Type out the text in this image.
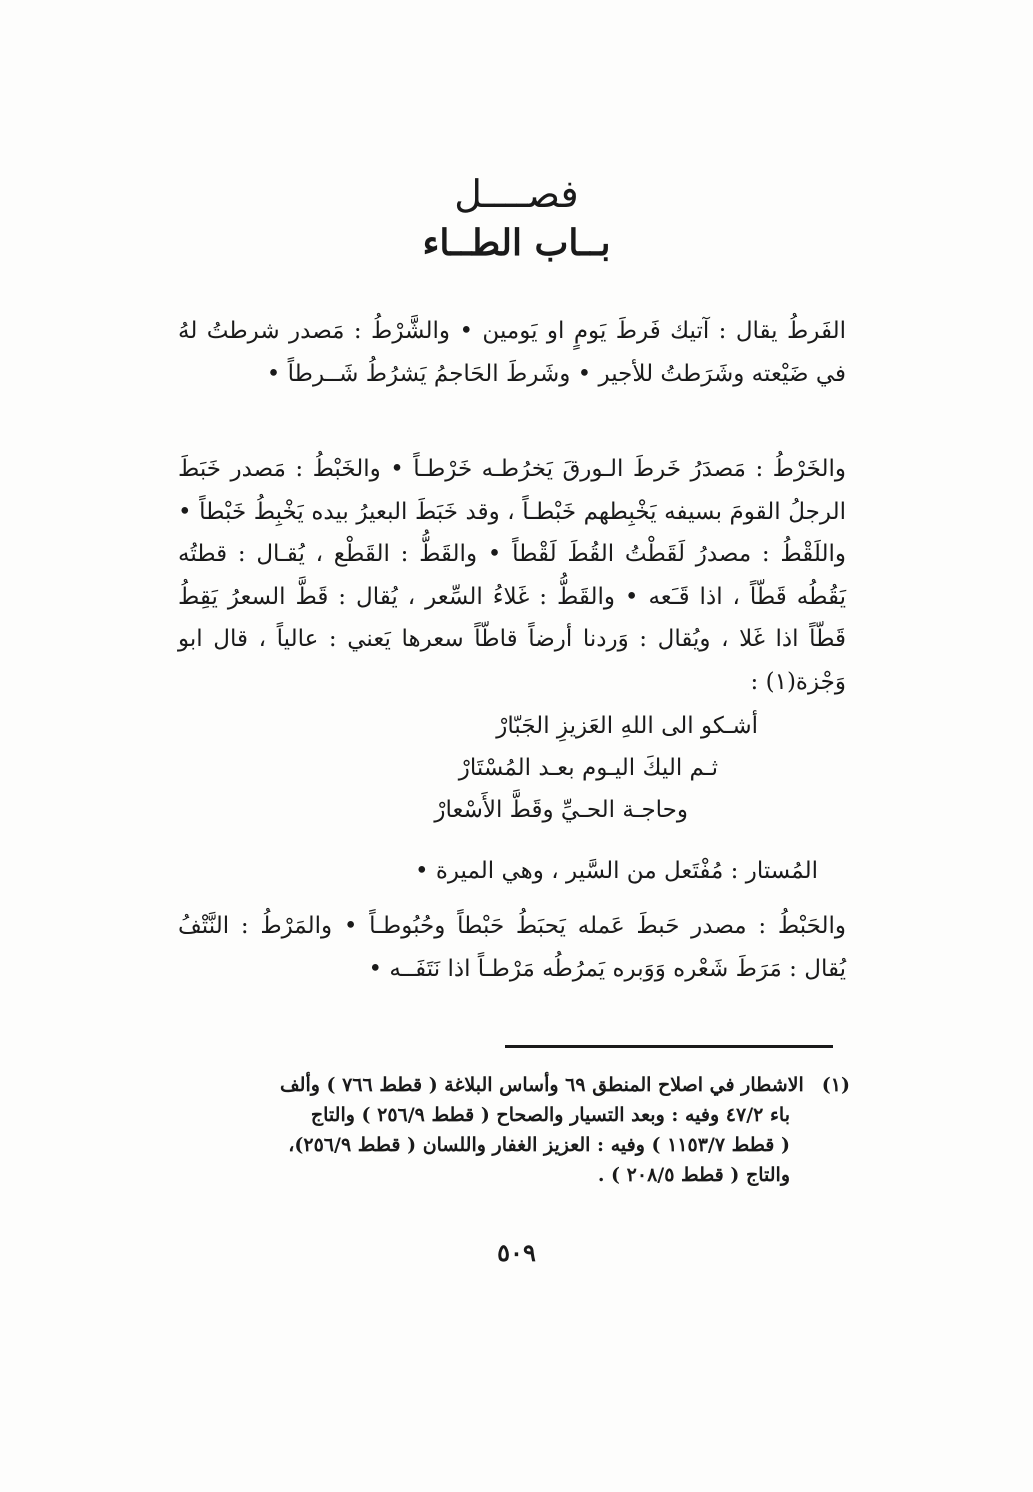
فصــــل
بــاب الطــاء
الفَرطُ يقال : آتيك فَرطَ يَومٍ او يَومين • والشَّرْطُ : مَصدر شرطتُ لهُ في ضَيْعته وشَرَطتُ للأجير • وشَرطَ الحَاجمُ يَشرُطُ شَــرطاً •
والخَرْطُ : مَصدَرُ خَرطَ الـورقَ يَخرُطـه خَرْطـاً • والخَبْطُ : مَصدر خَبَطَ الرجلُ القومَ بسيفه يَخْبِطهم خَبْطـاً ، وقد خَبَطَ البعيرُ بيده يَخْبِطُ خَبْطاً • واللَقْطُ : مصدرُ لَقَطْتُ القُطَ لَقْطاً • والقَطُّ : القَطْع ، يُقـال : قطتُه يَقُطُه قَطّاً ، اذا قَـَعه • والقَطُّ : غَلاءُ السِّعر ، يُقال : قَطَّ السعرُ يَقِطُ قَطّاً اذا غَلا ، ويُقال : وَردنا أرضاً قاطّاً سعرها يَعني : عالياً ، قال ابو وَجْزة(١) :
أشـكو الى اللهِ العَزيزِ الجَبّارْ
ثـم اليكَ اليـوم بعـد المُسْتَارْ
وحاجـة الحـيِّ وقَطَّ الأَسْعارْ
المُستار : مُفْتَعل من السَّير ، وهي الميرة •
والحَبْطُ : مصدر حَبطَ عَمله يَحبَطُ حَبْطاً وحُبُوطـاً • والمَرْطُ : النَّتْفُ يُقال : مَرَطَ شَعْره وَوَبره يَمرُطُه مَرْطـاً اذا نَتَفَــه •
(١)الاشطار في اصلاح المنطق ٦٩ وأساس البلاغة ( قطط ٧٦٦ ) وألف
باء ٤٧/٢ وفيه : وبعد التسيار والصحاح ( قطط ٢٥٦/٩ ) والتاج
( قطط ١١٥٣/٧ ) وفيه : العزيز الغفار واللسان ( قطط ٢٥٦/٩)،
والتاج ( قطط ٢٠٨/٥ ) .
٥٠٩
